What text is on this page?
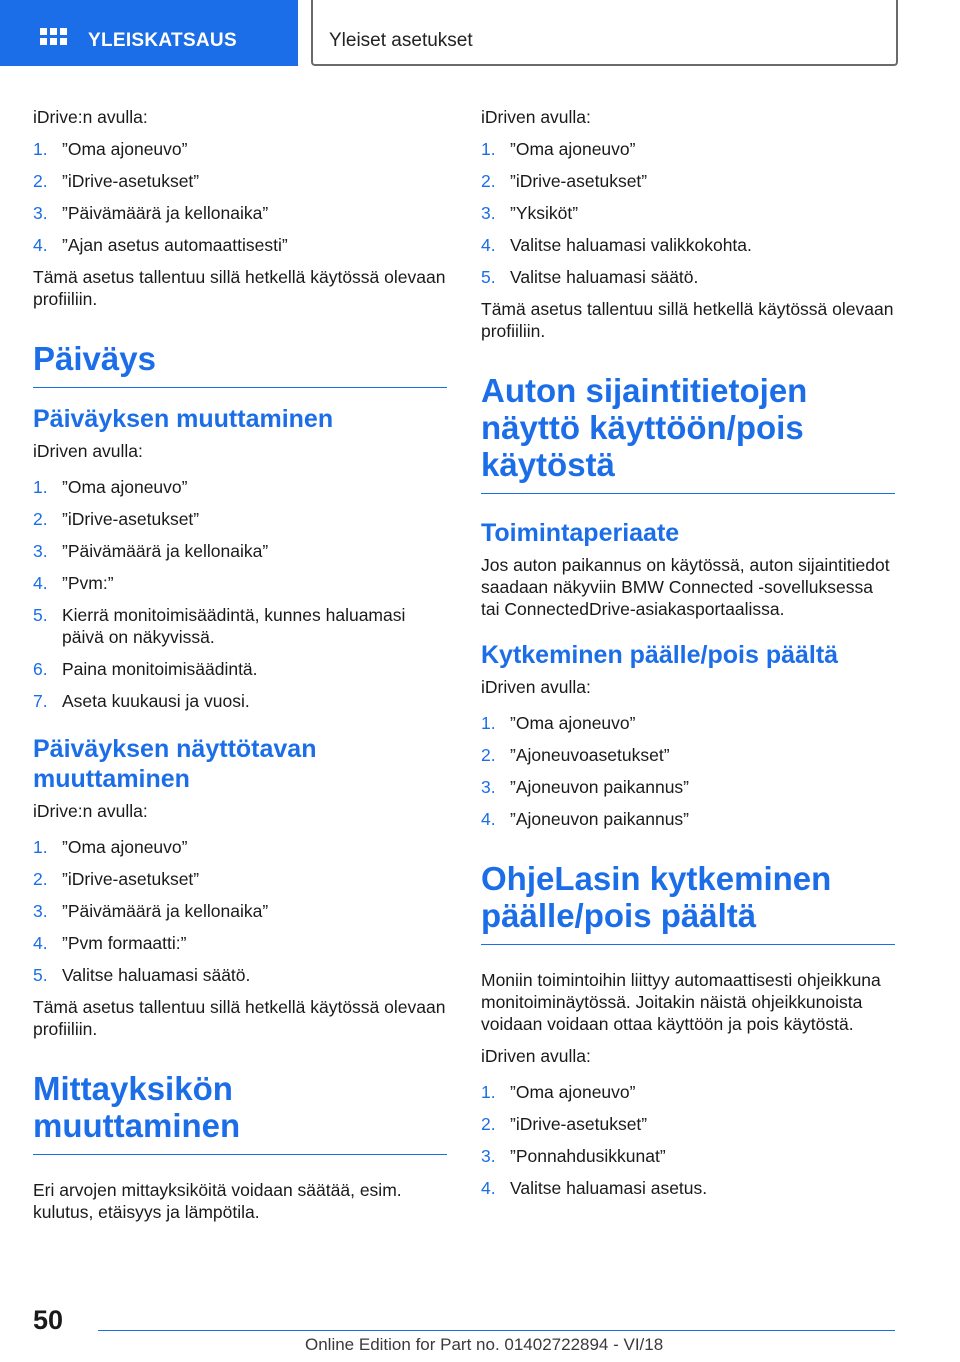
YLEISKATSAUS	Yleiset asetukset

iDrive:n avulla:

1. ”Oma ajoneuvo”
2. ”iDrive-asetukset”
3. ”Päivämäärä ja kellonaika”
4. ”Ajan asetus automaattisesti”

Tämä asetus tallentuu sillä hetkellä käytössä olevaan profiiliin.

Päiväys
Päiväyksen muuttaminen

iDriven avulla:

1. ”Oma ajoneuvo”
2. ”iDrive-asetukset”
3. ”Päivämäärä ja kellonaika”
4. ”Pvm:”
5. Kierrä monitoimisäädintä, kunnes haluamasi päivä on näkyvissä.
6. Paina monitoimisäädintä.
7. Aseta kuukausi ja vuosi.
Päiväyksen näyttötavan muuttaminen

iDrive:n avulla:

1. ”Oma ajoneuvo”
2. ”iDrive-asetukset”
3. ”Päivämäärä ja kellonaika”
4. ”Pvm formaatti:”
5. Valitse haluamasi säätö.

Tämä asetus tallentuu sillä hetkellä käytössä olevaan profiiliin.

Mittayksikön muuttaminen

Eri arvojen mittayksiköitä voidaan säätää, esim. kulutus, etäisyys ja lämpötila.

iDriven avulla:

1. ”Oma ajoneuvo”
2. ”iDrive-asetukset”
3. ”Yksiköt”
4. Valitse haluamasi valikkokohta.
5. Valitse haluamasi säätö.

Tämä asetus tallentuu sillä hetkellä käytössä olevaan profiiliin.

Auton sijaintitietojen näyttö käyttöön/pois käytöstä
Toimintaperiaate

Jos auton paikannus on käytössä, auton sijaintitiedot saadaan näkyviin BMW Connected -sovelluksessa tai ConnectedDrive-asiakasportaalissa.

Kytkeminen päälle/pois päältä

iDriven avulla:

1. ”Oma ajoneuvo”
2. ”Ajoneuvoasetukset”
3. ”Ajoneuvon paikannus”
4. ”Ajoneuvon paikannus”
OhjeLasin kytkeminen päälle/pois päältä

Moniin toimintoihin liittyy automaattisesti ohjeikkuna monitoiminäytössä. Joitakin näistä ohjeikkunoista voidaan voidaan ottaa käyttöön ja pois käytöstä.

iDriven avulla:

1. ”Oma ajoneuvo”
2. ”iDrive-asetukset”
3. ”Ponnahdusikkunat”
4. Valitse haluamasi asetus.
50
Online Edition for Part no. 01402722894 - VI/18
